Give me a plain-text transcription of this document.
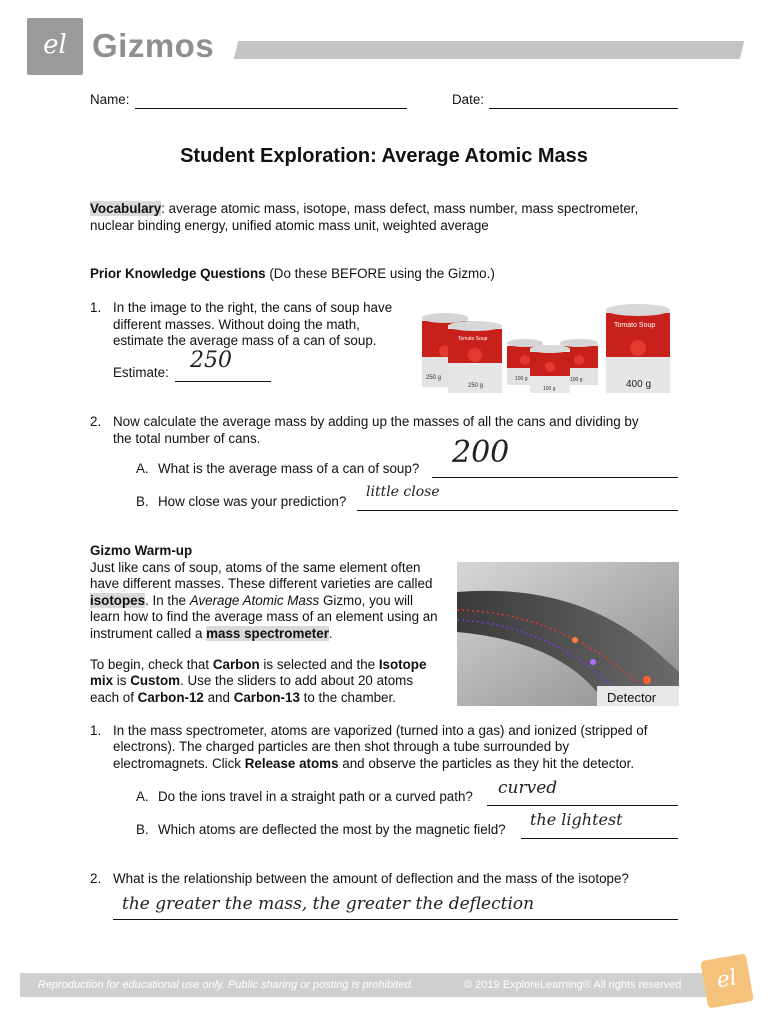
el Gizmos
Name:	Date:
Student Exploration: Average Atomic Mass
Vocabulary: average atomic mass, isotope, mass defect, mass number, mass spectrometer,
nuclear binding energy, unified atomic mass unit, weighted average
Prior Knowledge Questions (Do these BEFORE using the Gizmo.)
1. In the image to the right, the cans of soup have
different masses. Without doing the math,
estimate the average mass of a can of soup.
Estimate: 250
250 g
Tomato Soup
250 g
100 g	100 g
100 g
Tomato Soup
400 g
2. Now calculate the average mass by adding up the masses of all the cans and dividing by
the total number of cans.
A. What is the average mass of a can of soup? 200
B. How close was your prediction?
little close
Gizmo Warm-up
Just like cans of soup, atoms of the same element often
have different masses. These different varieties are called
isotopes. In the Average Atomic Mass Gizmo, you will
learn how to find the average mass of an element using an
instrument called a mass spectrometer.
To begin, check that Carbon is selected and the Isotope
mix is Custom. Use the sliders to add about 20 atoms
each of Carbon-12 and Carbon-13 to the chamber.	Detector
1. In the mass spectrometer, atoms are vaporized (turned into a gas) and ionized (stripped of
electrons). The charged particles are then shot through a tube surrounded by
electromagnets. Click Release atoms and observe the particles as they hit the detector.
A. Do the ions travel in a straight path or a curved path? curved
B. Which atoms are deflected the most by the magnetic field?
the lightest
2. What is the relationship between the amount of deflection and the mass of the isotope?
the greater the mass, the greater the deflection
Reproduction for educational use only. Public sharing or posting is prohibited.	© 2019 ExploreLearning® All rights reserved	el
